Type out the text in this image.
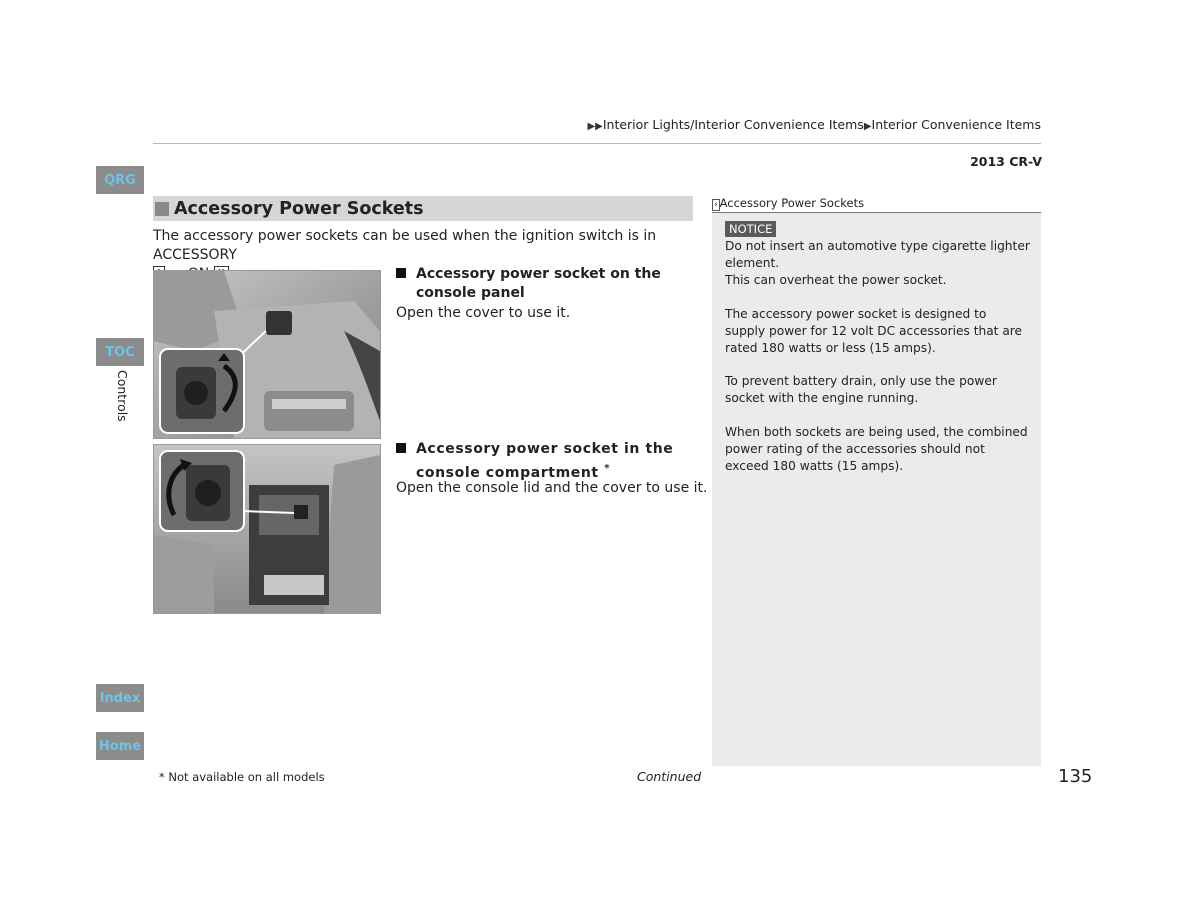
▶▶Interior Lights/Interior Convenience Items▶Interior Convenience Items
2013 CR-V
QRG
TOC
Controls
Index
Home
Accessory Power Sockets
The accessory power sockets can be used when the ignition switch is in ACCESSORY

Accessory power socket on the
console panel
Open the cover to use it.
Accessory power socket in the
console compartment *
Open the console lid and the cover to use it.
› Accessory Power Sockets
NOTICE
Do not insert an automotive type cigarette lighter element.
This can overheat the power socket.
The accessory power socket is designed to supply power for 12 volt DC accessories that are rated 180 watts or less (15 amps).
To prevent battery drain, only use the power socket with the engine running.
When both sockets are being used, the combined power rating of the accessories should not exceed 180 watts (15 amps).
* Not available on all models	Continued	135
